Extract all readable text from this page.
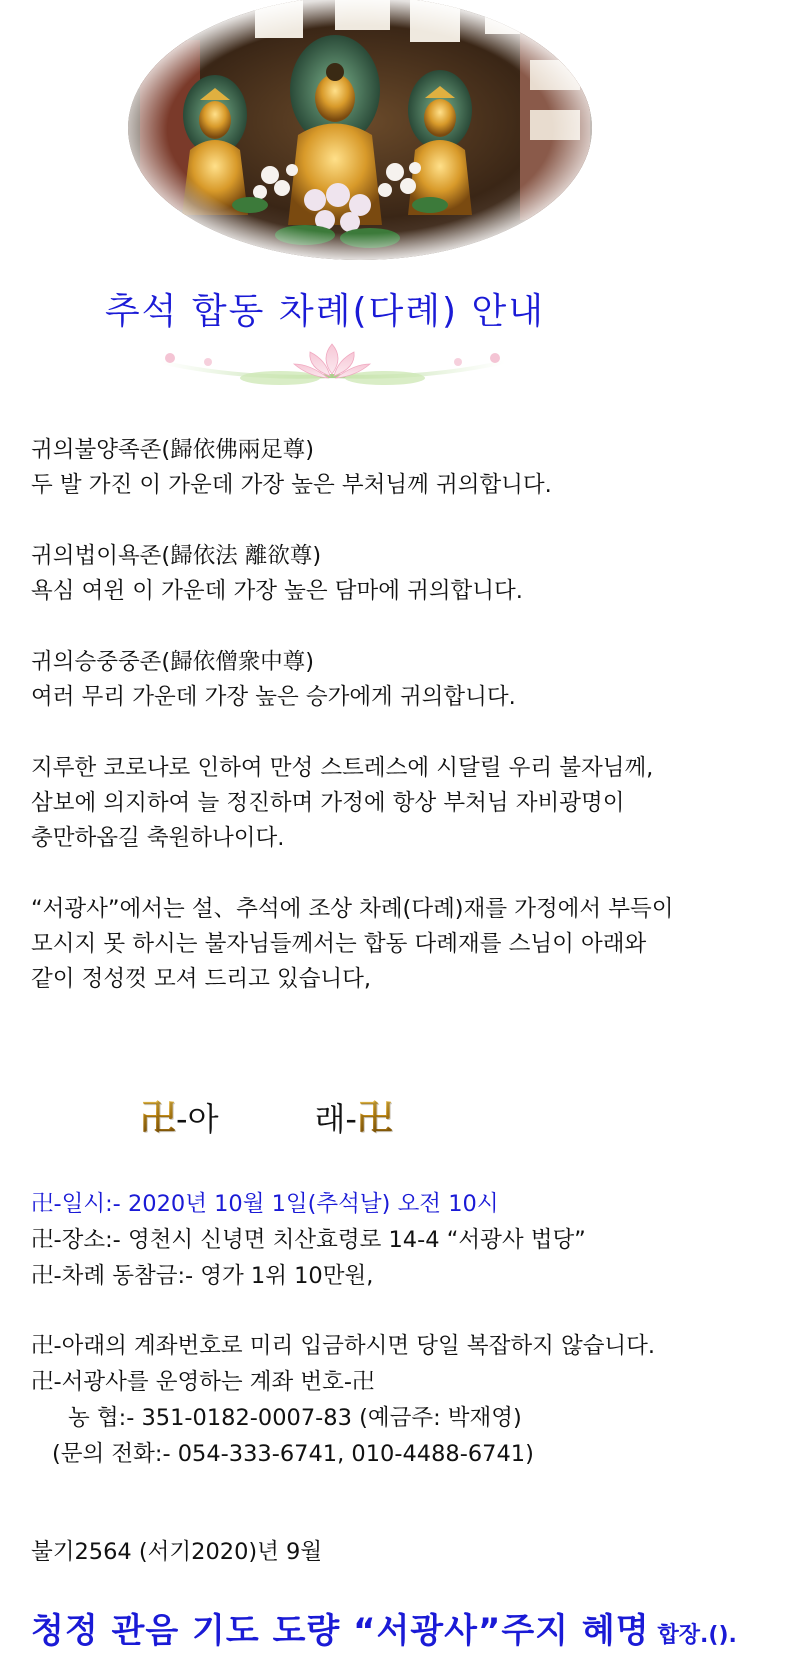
추석 합동 차례(다례) 안내
귀의불양족존(歸依佛兩足尊)
두 발 가진 이 가운데 가장 높은 부처님께 귀의합니다.
귀의법이욕존(歸依法 離欲尊)
욕심 여윈 이 가운데 가장 높은 담마에 귀의합니다.
귀의승중중존(歸依僧衆中尊)
여러 무리 가운데 가장 높은 승가에게 귀의합니다.
지루한 코로나로 인하여 만성 스트레스에 시달릴 우리 불자님께,
삼보에 의지하여 늘 정진하며 가정에 항상 부처님 자비광명이
충만하옵길 축원하나이다.
“서광사”에서는 설、추석에 조상 차례(다례)재를 가정에서 부득이
모시지 못 하시는 불자님들께서는 합동 다례재를 스님이 아래와
같이 정성껏 모셔 드리고 있습니다,
卍-아	래-卍
卍-일시:- 2020년 10월 1일(추석날) 오전 10시
卍-장소:- 영천시 신녕면 치산효령로 14-4 “서광사 법당”
卍-차례 동참금:- 영가 1위 10만원,
卍-아래의 계좌번호로 미리 입금하시면 당일 복잡하지 않습니다.
卍-서광사를 운영하는 계좌 번호-卍
농 협:- 351-0182-0007-83 (예금주: 박재영)
(문의 전화:- 054-333-6741, 010-4488-6741)
불기2564 (서기2020)년 9월
청정 관음 기도 도량 “서광사”주지 혜명 합장.().
